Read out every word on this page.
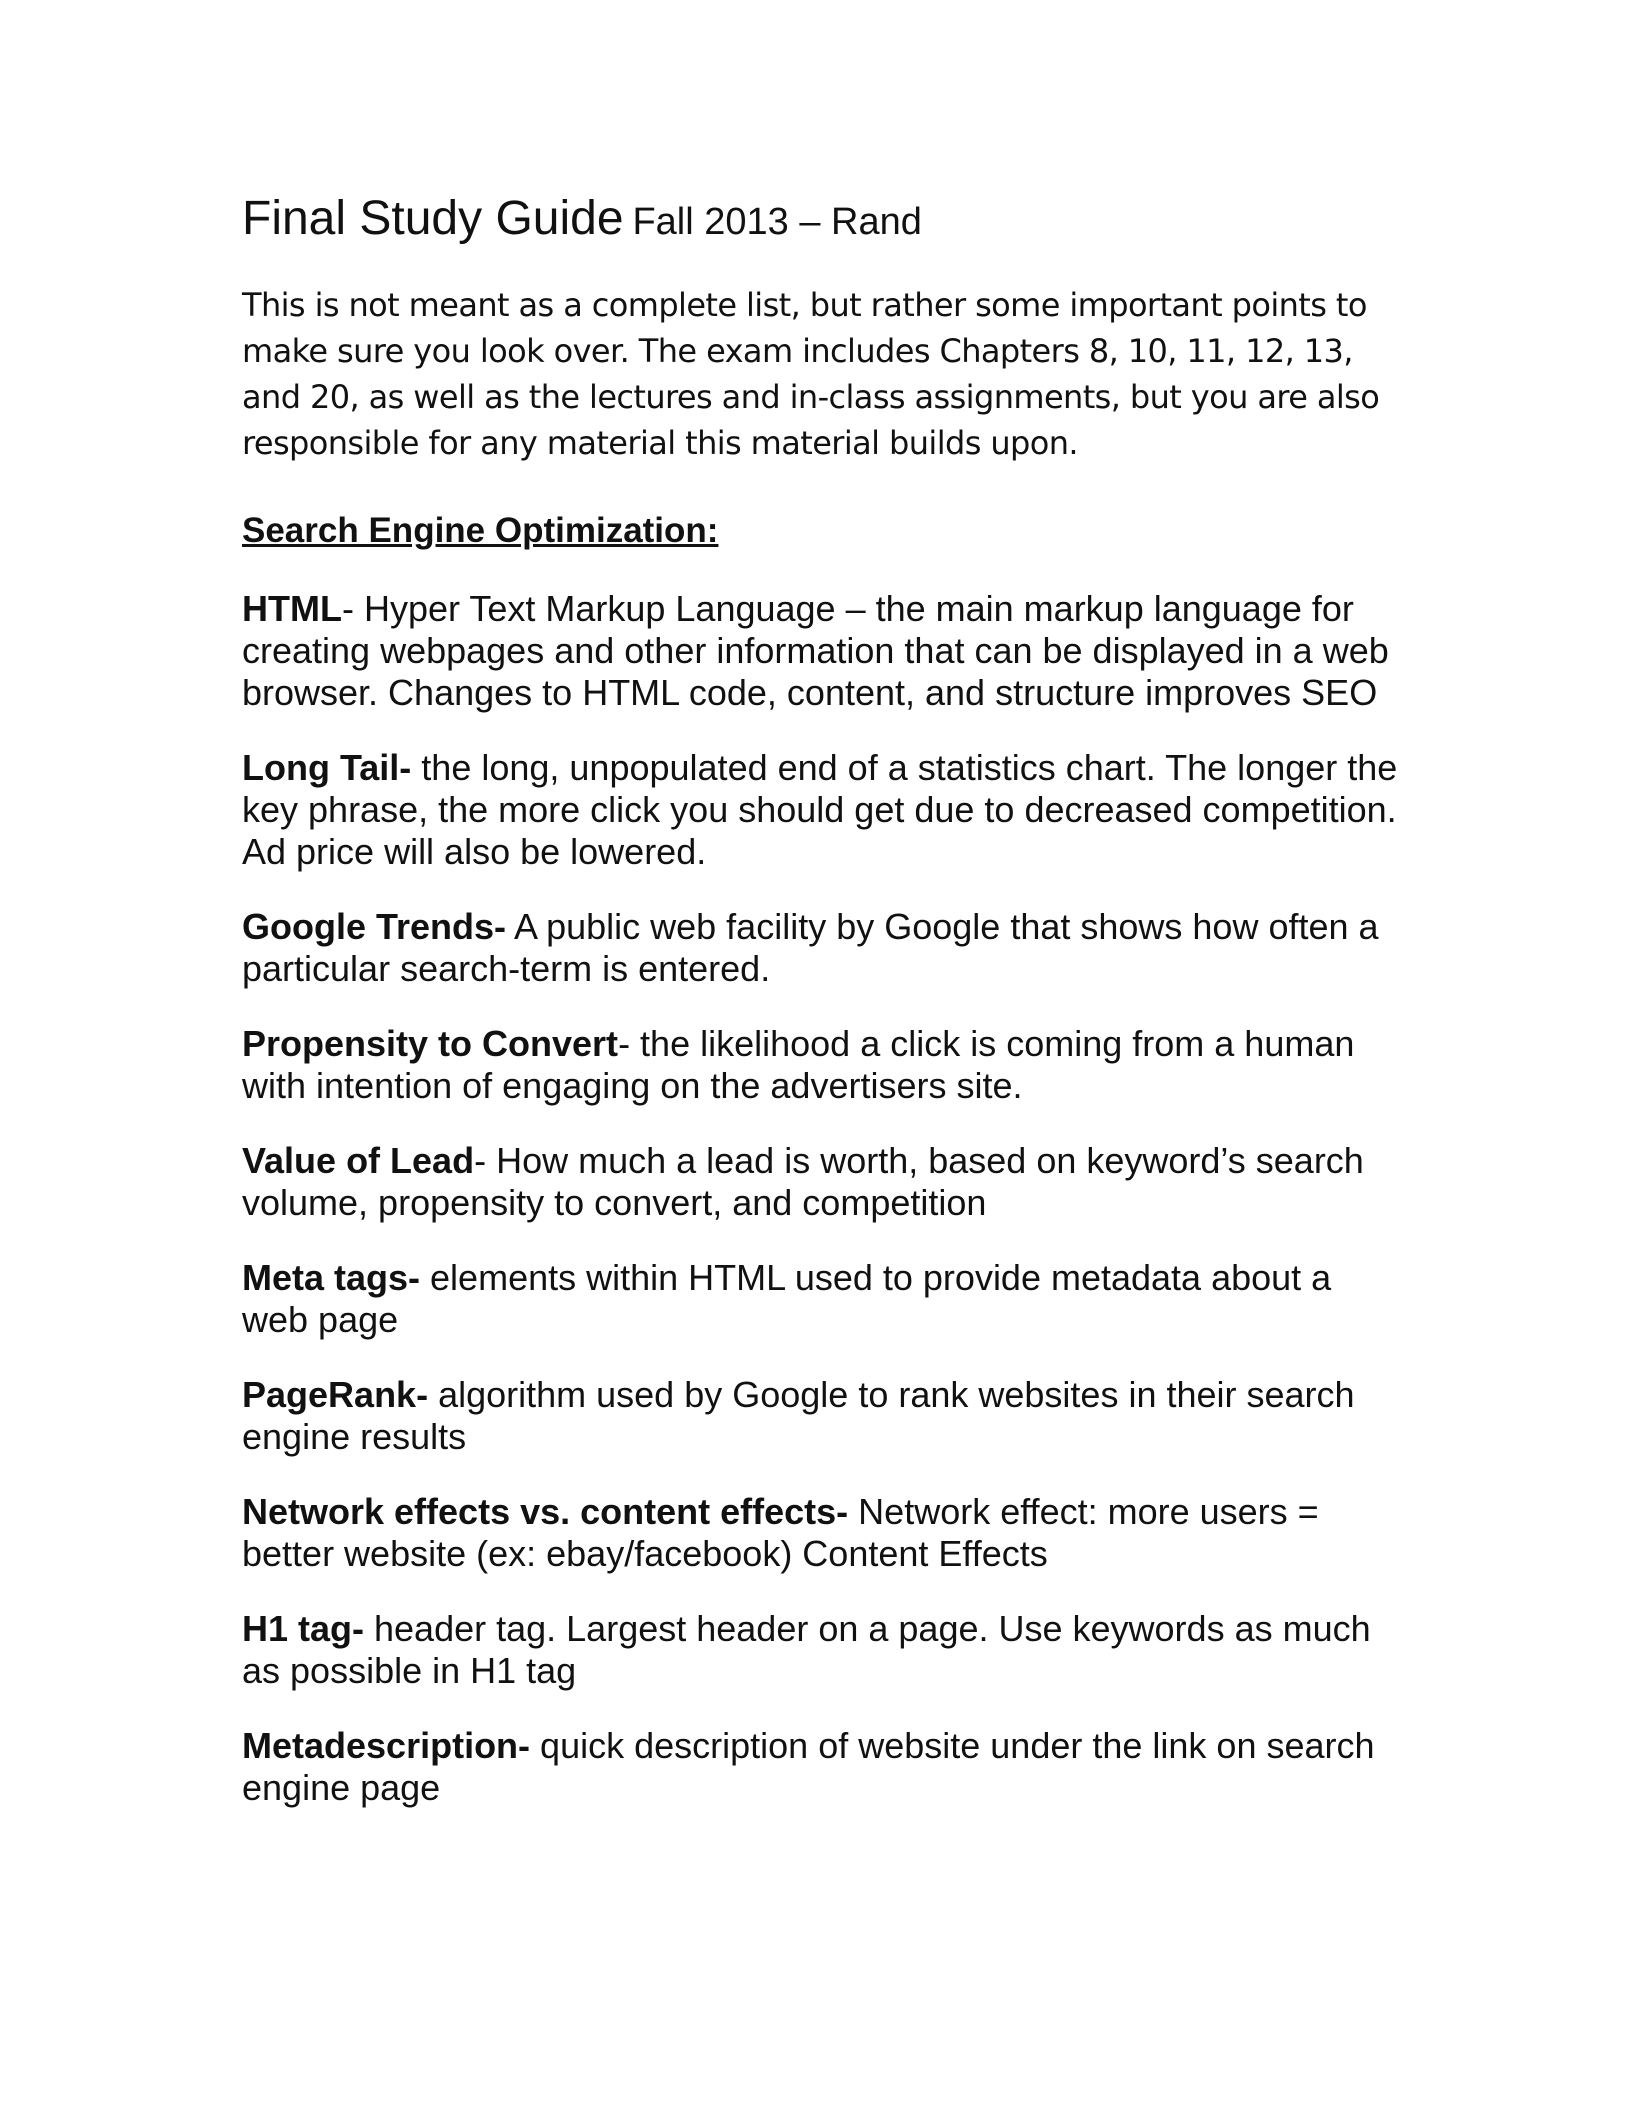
Final Study Guide Fall 2013 – Rand

This is not meant as a complete list, but rather some important points to make sure you look over. The exam includes Chapters 8, 10, 11, 12, 13, and 20, as well as the lectures and in-class assignments, but you are also responsible for any material this material builds upon.

Search Engine Optimization:
HTML- Hyper Text Markup Language – the main markup language for creating webpages and other information that can be displayed in a web browser. Changes to HTML code, content, and structure improves SEO
Long Tail- the long, unpopulated end of a statistics chart. The longer the key phrase, the more click you should get due to decreased competition. Ad price will also be lowered.
Google Trends- A public web facility by Google that shows how often a particular search-term is entered.
Propensity to Convert- the likelihood a click is coming from a human with intention of engaging on the advertisers site.
Value of Lead- How much a lead is worth, based on keyword’s search volume, propensity to convert, and competition
Meta tags- elements within HTML used to provide metadata about a web page
PageRank- algorithm used by Google to rank websites in their search engine results
Network effects vs. content effects- Network effect: more users = better website (ex: ebay/facebook) Content Effects
H1 tag- header tag. Largest header on a page. Use keywords as much as possible in H1 tag
Metadescription- quick description of website under the link on search engine page
